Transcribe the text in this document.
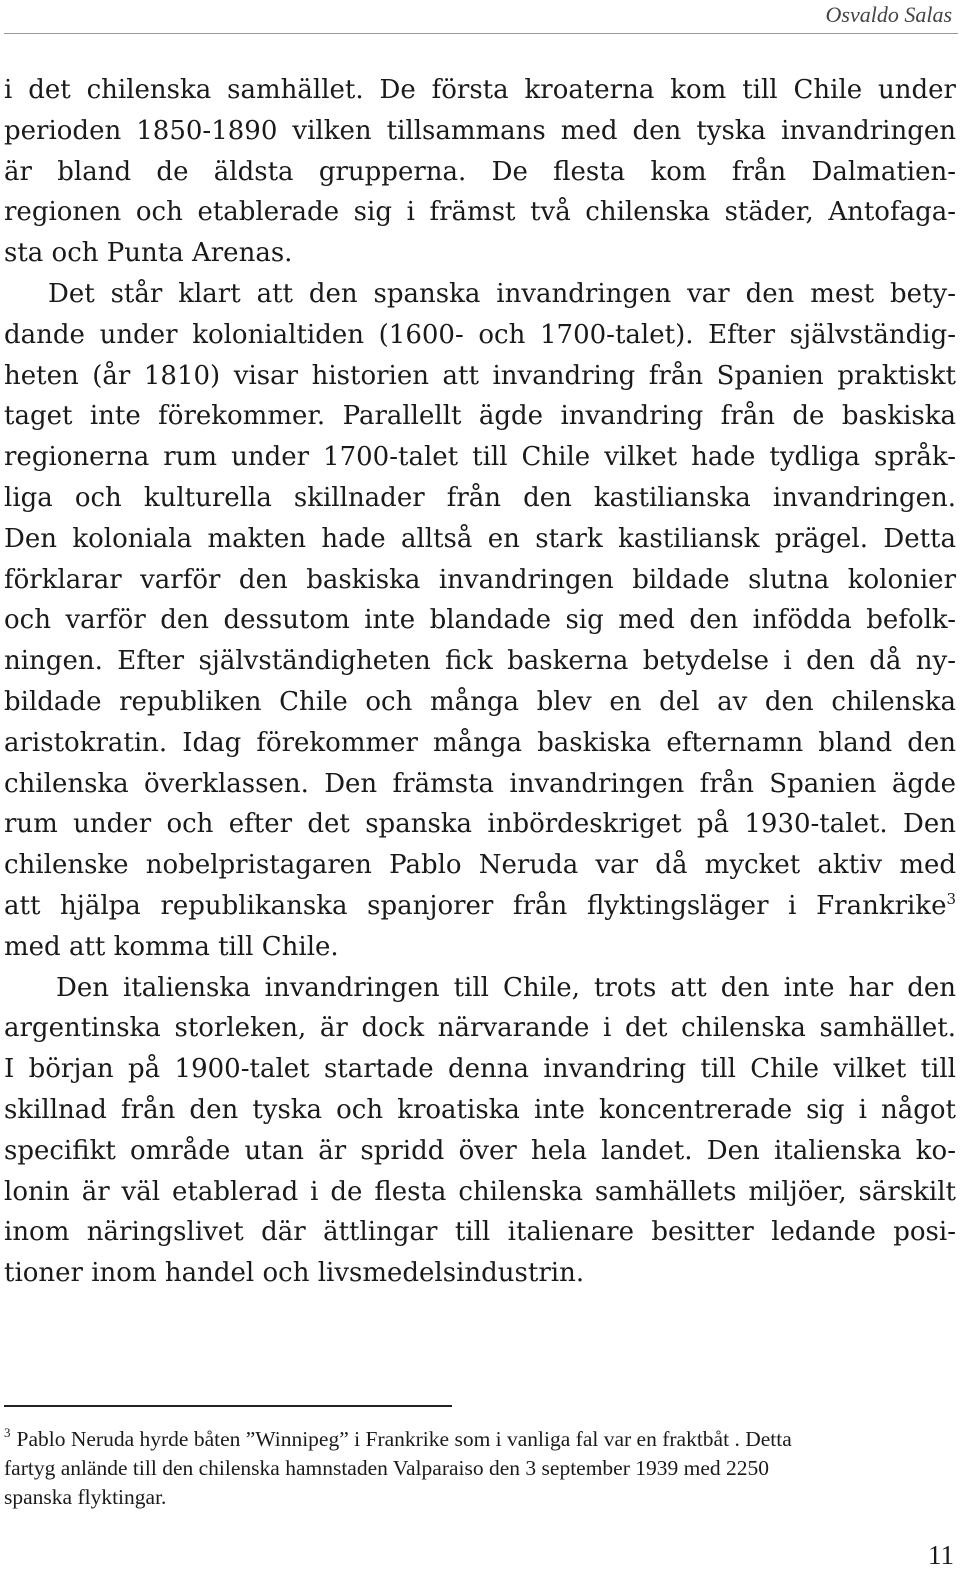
Osvaldo Salas
i det chilenska samhället. De första kroaterna kom till Chile under
perioden 1850-1890 vilken tillsammans med den tyska invandringen
är bland de äldsta grupperna. De flesta kom från Dalmatien-
regionen och etablerade sig i främst två chilenska städer, Antofaga-
sta och Punta Arenas.
Det står klart att den spanska invandringen var den mest bety-
dande under kolonialtiden (1600- och 1700-talet). Efter självständig-
heten (år 1810) visar historien att invandring från Spanien praktiskt
taget inte förekommer. Parallellt ägde invandring från de baskiska
regionerna rum under 1700-talet till Chile vilket hade tydliga språk-
liga och kulturella skillnader från den kastilianska invandringen.
Den koloniala makten hade alltså en stark kastiliansk prägel. Detta
förklarar varför den baskiska invandringen bildade slutna kolonier
och varför den dessutom inte blandade sig med den infödda befolk-
ningen. Efter självständigheten fick baskerna betydelse i den då ny-
bildade republiken Chile och många blev en del av den chilenska
aristokratin. Idag förekommer många baskiska efternamn bland den
chilenska överklassen. Den främsta invandringen från Spanien ägde
rum under och efter det spanska inbördeskriget på 1930-talet. Den
chilenske nobelpristagaren Pablo Neruda var då mycket aktiv med
att hjälpa republikanska spanjorer från flyktingsläger i Frankrike$^3$
med att komma till Chile.
Den italienska invandringen till Chile, trots att den inte har den
argentinska storleken, är dock närvarande i det chilenska samhället.
I början på 1900-talet startade denna invandring till Chile vilket till
skillnad från den tyska och kroatiska inte koncentrerade sig i något
specifikt område utan är spridd över hela landet. Den italienska ko-
lonin är väl etablerad i de flesta chilenska samhällets miljöer, särskilt
inom näringslivet där ättlingar till italienare besitter ledande posi-
tioner inom handel och livsmedelsindustrin.
$^3$ Pablo Neruda hyrde båten ”Winnipeg” i Frankrike som i vanliga fal var en fraktbåt . Detta
fartyg anlände till den chilenska hamnstaden Valparaiso den 3 september 1939 med 2250
spanska flyktingar.
11
